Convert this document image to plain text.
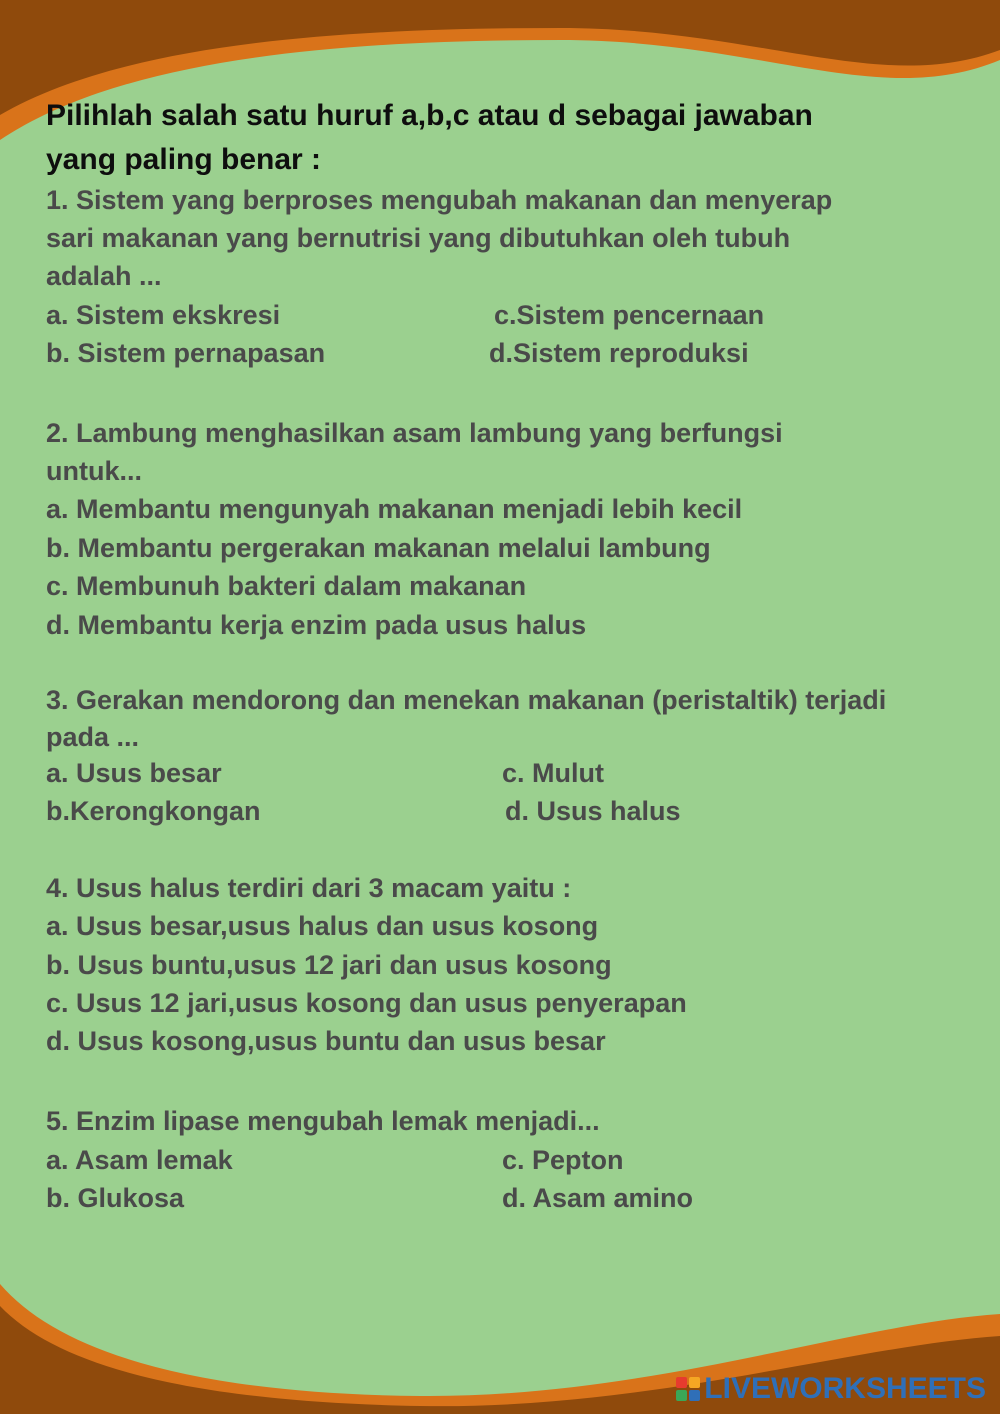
Pilihlah salah satu huruf a,b,c atau d sebagai jawaban

yang paling benar :

1. Sistem yang berproses mengubah makanan dan menyerap

sari makanan yang bernutrisi yang dibutuhkan oleh tubuh

adalah ...

a. Sistem ekskresi

b. Sistem pernapasan

c.Sistem pencernaan
d.Sistem reproduksi

2. Lambung menghasilkan asam lambung yang berfungsi

untuk...

a. Membantu mengunyah makanan menjadi lebih kecil

b. Membantu pergerakan makanan melalui lambung

c. Membunuh bakteri dalam makanan

d. Membantu kerja enzim pada usus halus

3. Gerakan mendorong dan menekan makanan (peristaltik) terjadi

pada ...

a. Usus besar

b.Kerongkongan

c. Mulut
d. Usus halus

4. Usus halus terdiri dari 3 macam yaitu :

a. Usus besar,usus halus dan usus kosong

b. Usus buntu,usus 12 jari dan usus kosong

c. Usus 12 jari,usus kosong dan usus penyerapan

d. Usus kosong,usus buntu dan usus besar

5. Enzim lipase mengubah lemak menjadi...

a. Asam lemak

b. Glukosa

c. Pepton
d. Asam amino
LIVEWORKSHEETS
